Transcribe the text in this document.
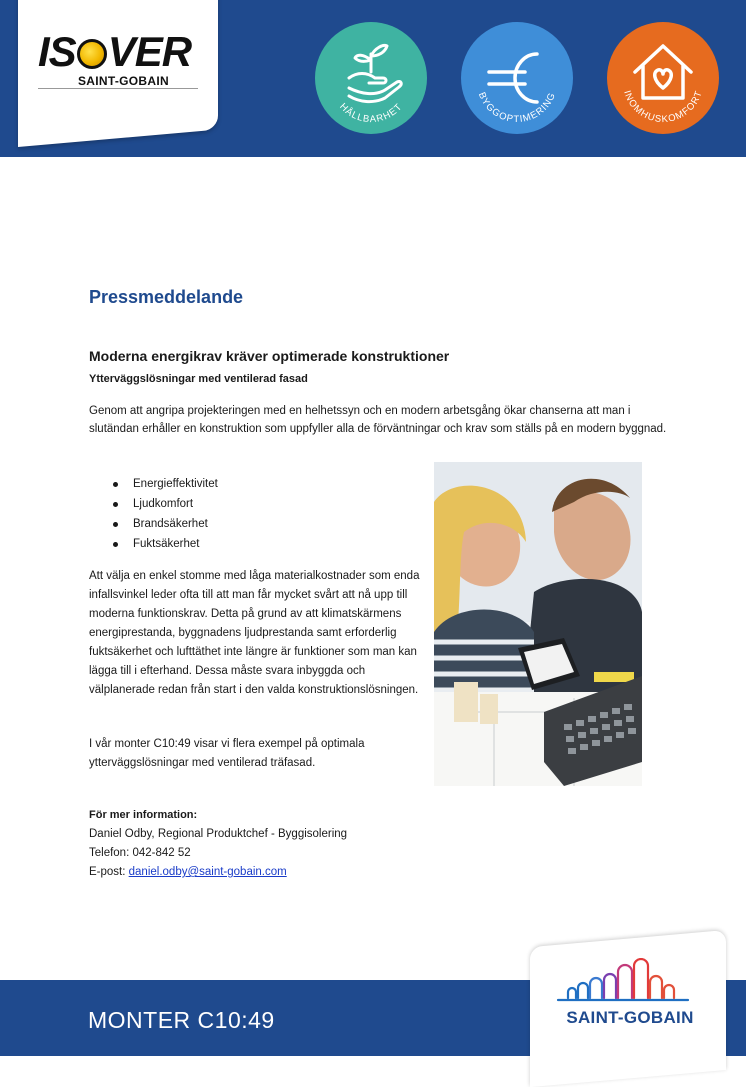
IS VER
SAINT-GOBAIN
HÅLLBARHET
BYGGOPTIMERING	INOMHUSKOMFORT
Pressmeddelande
Moderna energikrav kräver optimerade konstruktioner

Ytterväggslösningar med ventilerad fasad

Genom att angripa projekteringen med en helhetssyn och en modern arbetsgång ökar chanserna att man i slutändan erhåller en konstruktion som uppfyller alla de förväntningar och krav som ställs på en modern byggnad.

Energieffektivitet
Ljudkomfort
Brandsäkerhet
Fuktsäkerhet

Att välja en enkel stomme med låga materialkostnader som enda infallsvinkel leder ofta till att man får mycket svårt att nå upp till moderna funktionskrav. Detta på grund av att klimatskärmens energiprestanda, byggnadens ljudprestanda samt erforderlig fuktsäkerhet och lufttäthet inte längre är funktioner som man kan lägga till i efterhand. Dessa måste svara inbyggda och välplanerade redan från start i den valda konstruktionslösningen.

I vår monter C10:49 visar vi flera exempel på optimala ytterväggslösningar med ventilerad träfasad.

För mer information:
Daniel Odby, Regional Produktchef - Byggisolering
Telefon: 042-842 52
E-post: daniel.odby@saint-gobain.com
MONTER C10:49	SAINT-GOBAIN
